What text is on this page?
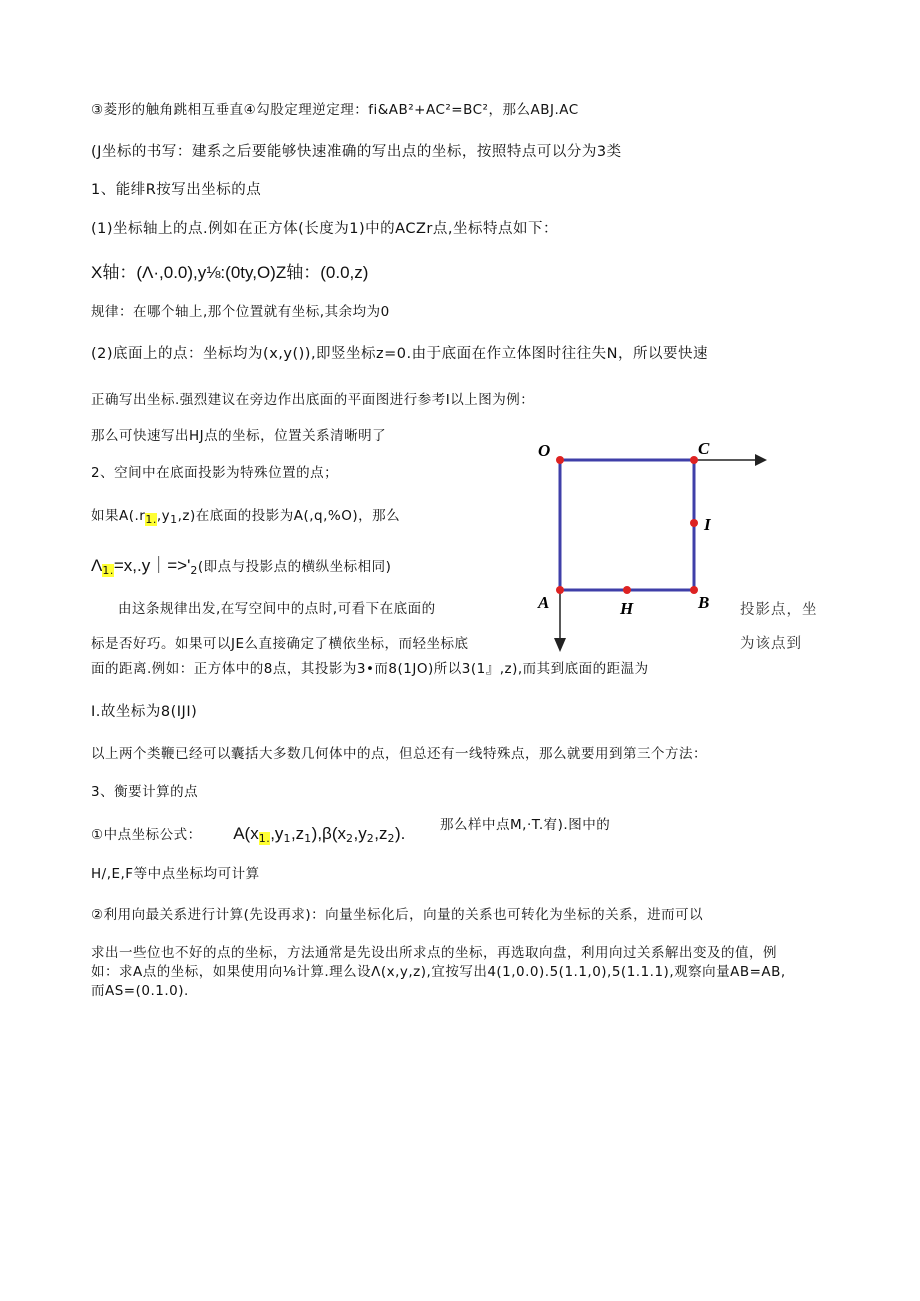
③菱形的触角跳相互垂直④勾股定理逆定理：fi&AB²+AC²=BC²，那么ABJ.AC
(J坐标的书写：建系之后要能够快速准确的写出点的坐标，按照特点可以分为3类
1、能绯R按写出坐标的点
(1)坐标轴上的点.例如在正方体(长度为1)中的ACZr点,坐标特点如下：
X轴：(Λ·,0.0),y⅛:(0ty,O)Z轴：(0.0,z)
规律：在哪个轴上,那个位置就有坐标,其余均为0
(2)底面上的点：坐标均为(x,y()),即竖坐标z=0.由于底面在作立体图时往往失N，所以要快速
正确写出坐标.强烈建议在旁边作出底面的平面图进行参考I以上图为例：
那么可快速写出HJ点的坐标，位置关系清晰明了
2、空间中在底面投影为特殊位置的点；
如果$A(.r_{1.},y_1,z)$在底面的投影为A(,q,%O)，那么
$\Lambda_{1.}=x,.y|=>'_2$(即点与投影点的横纵坐标相同)
由这条规律出发,在写空间中的点时,可看下在底面的
标是否好巧。如果可以JE么直接确定了横依坐标，而轻坐标底
面的距离.例如：正方体中的8点，其投影为3•而8(1JO)所以3(1』,z),而其到底面的距温为
I.故坐标为8(IJI)
以上两个类鞭已经可以囊括大多数几何体中的点，但总还有一线特殊点，那么就要用到第三个方法：
3、衡要计算的点
①中点坐标公式： $A(x_{1.},y_1,z_1),\beta(x_2,y_2,z_2)$.	那么样中点M,·T.宥).图中的
H∕,E,F等中点坐标均可计算
②利用向最关系进行计算(先设再求)：向量坐标化后，向量的关系也可转化为坐标的关系，进而可以
求出一些位也不好的点的坐标，方法通常是先设出所求点的坐标，再选取向盘，利用向过关系解出变及的值，例
如：求A点的坐标，如果使用向⅛计算.理么设Λ(x,y,z),宜按写出4(1,0.0).5(1.1,0),5(1.1.1),观察向量AB=AB,
而AS=(0.1.0).
O	C
I
A	H	B 投影点，坐
为该点到
